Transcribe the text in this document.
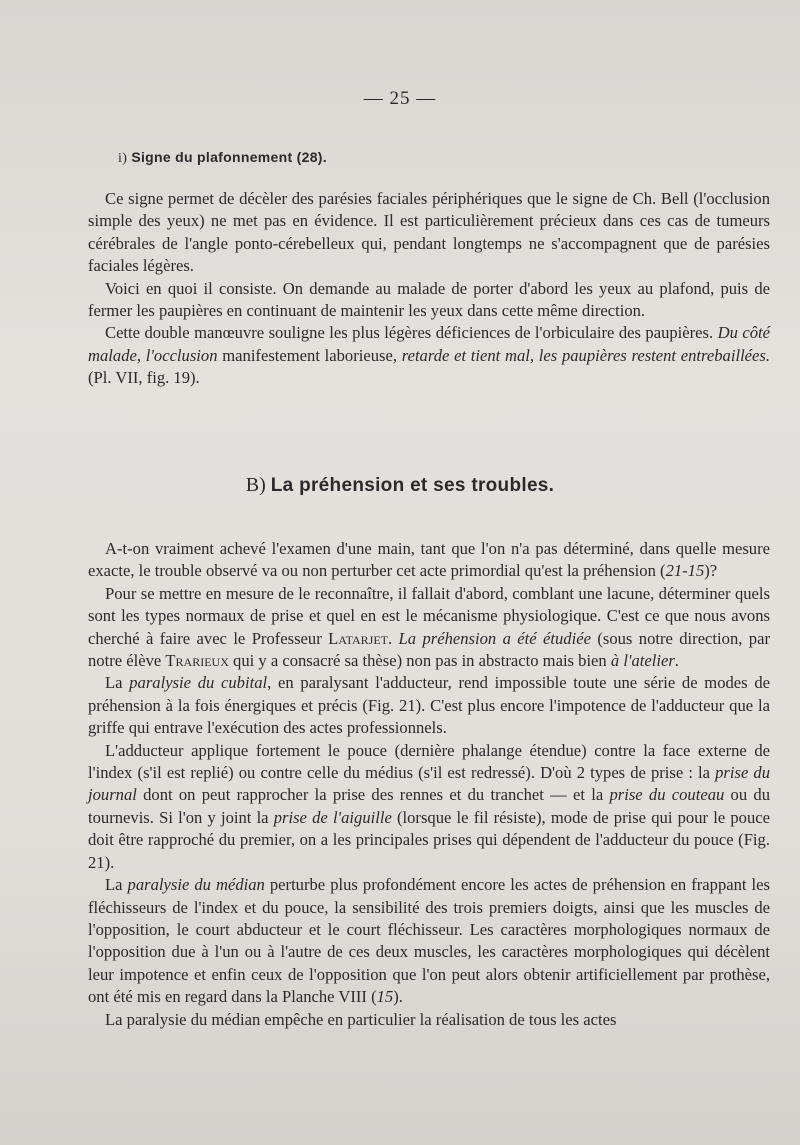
— 25 —
i) Signe du plafonnement (28).

Ce signe permet de décèler des parésies faciales périphériques que le signe de Ch. Bell (l'occlusion simple des yeux) ne met pas en évidence. Il est particulièrement précieux dans ces cas de tumeurs cérébrales de l'angle ponto-cérebelleux qui, pendant longtemps ne s'accompagnent que de parésies faciales légères.

Voici en quoi il consiste. On demande au malade de porter d'abord les yeux au plafond, puis de fermer les paupières en continuant de maintenir les yeux dans cette même direction.

Cette double manœuvre souligne les plus légères déficiences de l'orbiculaire des paupières. Du côté malade, l'occlusion manifestement laborieuse, retarde et tient mal, les paupières restent entrebaillées. (Pl. VII, fig. 19).

B) La préhension et ses troubles.

A-t-on vraiment achevé l'examen d'une main, tant que l'on n'a pas déterminé, dans quelle mesure exacte, le trouble observé va ou non perturber cet acte primordial qu'est la préhension (21-15)?

Pour se mettre en mesure de le reconnaître, il fallait d'abord, comblant une lacune, déterminer quels sont les types normaux de prise et quel en est le mécanisme physiologique. C'est ce que nous avons cherché à faire avec le Professeur Latarjet. La préhension a été étudiée (sous notre direction, par notre élève Trarieux qui y a consacré sa thèse) non pas in abstracto mais bien à l'atelier.

La paralysie du cubital, en paralysant l'adducteur, rend impossible toute une série de modes de préhension à la fois énergiques et précis (Fig. 21). C'est plus encore l'impotence de l'adducteur que la griffe qui entrave l'exécution des actes professionnels.

L'adducteur applique fortement le pouce (dernière phalange étendue) contre la face externe de l'index (s'il est replié) ou contre celle du médius (s'il est redressé). D'où 2 types de prise : la prise du journal dont on peut rapprocher la prise des rennes et du tranchet — et la prise du couteau ou du tournevis. Si l'on y joint la prise de l'aiguille (lorsque le fil résiste), mode de prise qui pour le pouce doit être rapproché du premier, on a les principales prises qui dépendent de l'adducteur du pouce (Fig. 21).

La paralysie du médian perturbe plus profondément encore les actes de préhension en frappant les fléchisseurs de l'index et du pouce, la sensibilité des trois premiers doigts, ainsi que les muscles de l'opposition, le court abducteur et le court fléchisseur. Les caractères morphologiques normaux de l'opposition due à l'un ou à l'autre de ces deux muscles, les caractères morphologiques qui décèlent leur impotence et enfin ceux de l'opposition que l'on peut alors obtenir artificiellement par prothèse, ont été mis en regard dans la Planche VIII (15).

La paralysie du médian empêche en particulier la réalisation de tous les actes
